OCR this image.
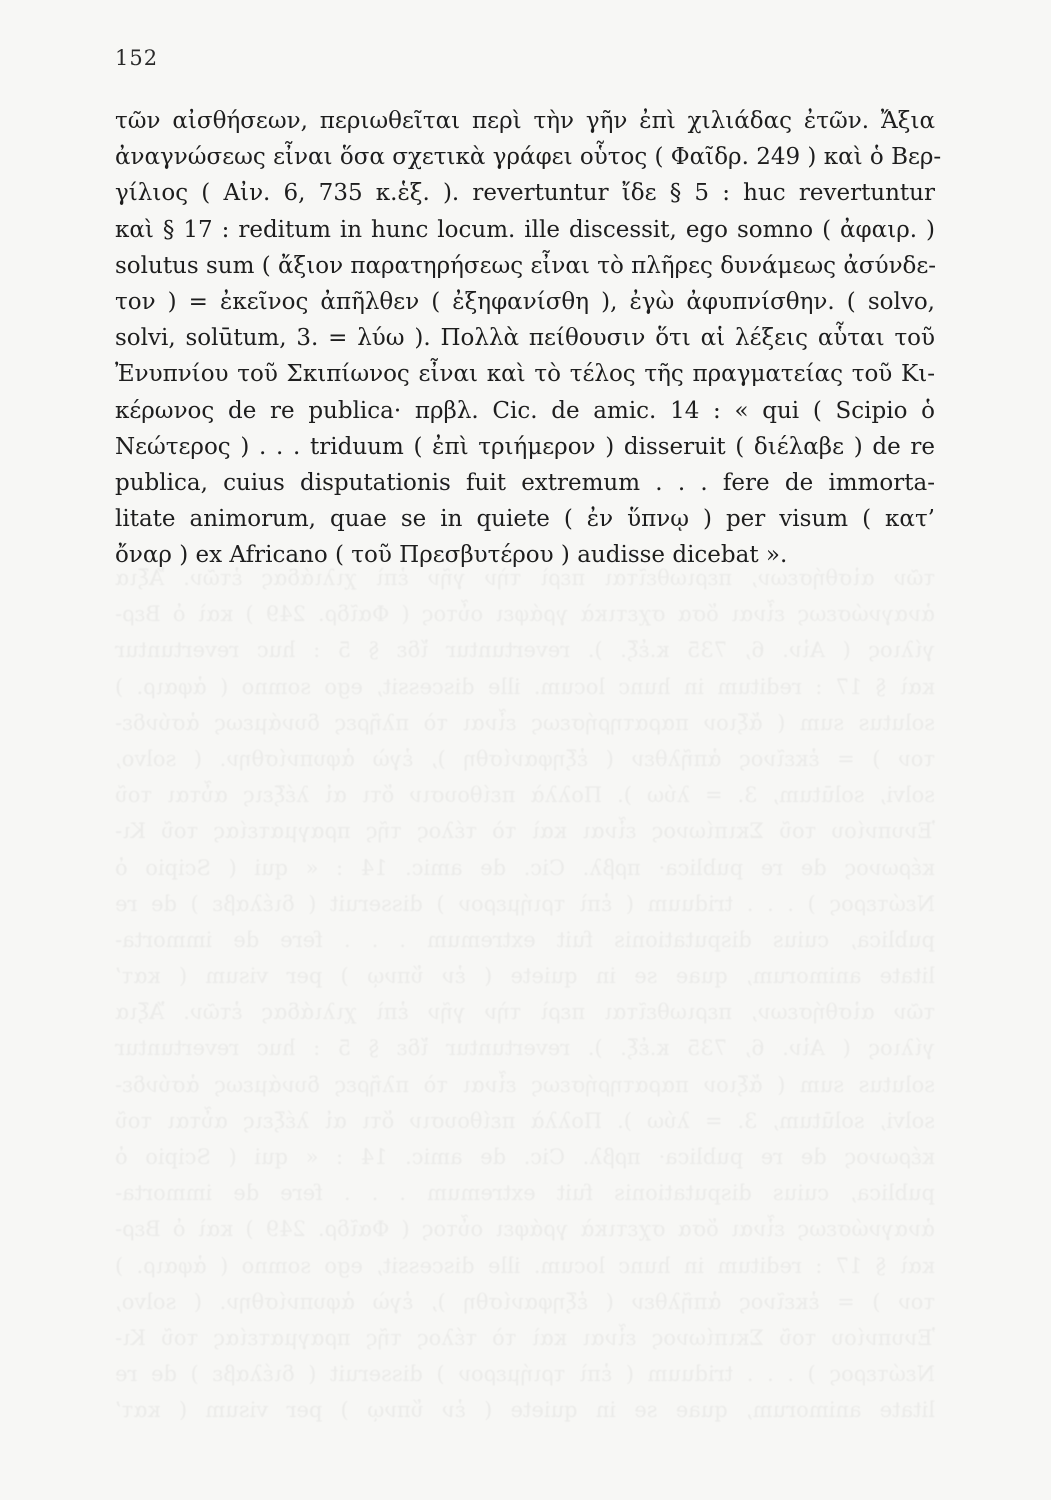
τῶν αἰσθήσεων, περιωθεῖται περὶ τὴν γῆν ἐπὶ χιλιάδας ἐτῶν. Ἄξια
ἀναγνώσεως εἶναι ὅσα σχετικὰ γράφει οὗτος ( Φαῖδρ. 249 ) καὶ ὁ Βερ-
γίλιος ( Αἰν. 6, 735 κ.ἑξ. ). revertuntur ἴδε § 5 : huc revertuntur
καὶ § 17 : reditum in hunc locum. ille discessit, ego somno ( ἀφαιρ. )
solutus sum ( ἄξιον παρατηρήσεως εἶναι τὸ πλῆρες δυνάμεως ἀσύνδε-
τον ) = ἐκεῖνος ἀπῆλθεν ( ἐξηφανίσθη ), ἐγὼ ἀφυπνίσθην. ( solvo,
solvi, solūtum, 3. = λύω ). Πολλὰ πείθουσιν ὅτι αἱ λέξεις αὗται τοῦ
Ἐνυπνίου τοῦ Σκιπίωνος εἶναι καὶ τὸ τέλος τῆς πραγματείας τοῦ Κι-
κέρωνος de re publica· πρβλ. Cic. de amic. 14 : « qui ( Scipio ὁ
Νεώτερος ) . . . triduum ( ἐπὶ τριήμερον ) disseruit ( διέλαβε ) de re
publica, cuius disputationis fuit extremum . . . fere de immorta-
litate animorum, quae se in quiete ( ἐν ὕπνῳ ) per visum ( κατ’
τῶν αἰσθήσεων, περιωθεῖται περὶ τὴν γῆν ἐπὶ χιλιάδας ἐτῶν. Ἄξια
γίλιος ( Αἰν. 6, 735 κ.ἑξ. ). revertuntur ἴδε § 5 : huc revertuntur
solutus sum ( ἄξιον παρατηρήσεως εἶναι τὸ πλῆρες δυνάμεως ἀσύνδε-
solvi, solūtum, 3. = λύω ). Πολλὰ πείθουσιν ὅτι αἱ λέξεις αὗται τοῦ
κέρωνος de re publica· πρβλ. Cic. de amic. 14 : « qui ( Scipio ὁ
publica, cuius disputationis fuit extremum . . . fere de immorta-
ἀναγνώσεως εἶναι ὅσα σχετικὰ γράφει οὗτος ( Φαῖδρ. 249 ) καὶ ὁ Βερ-
καὶ § 17 : reditum in hunc locum. ille discessit, ego somno ( ἀφαιρ. )
τον ) = ἐκεῖνος ἀπῆλθεν ( ἐξηφανίσθη ), ἐγὼ ἀφυπνίσθην. ( solvo,
Ἐνυπνίου τοῦ Σκιπίωνος εἶναι καὶ τὸ τέλος τῆς πραγματείας τοῦ Κι-
Νεώτερος ) . . . triduum ( ἐπὶ τριήμερον ) disseruit ( διέλαβε ) de re
litate animorum, quae se in quiete ( ἐν ὕπνῳ ) per visum ( κατ’
152
τῶν αἰσθήσεων, περιωθεῖται περὶ τὴν γῆν ἐπὶ χιλιάδας ἐτῶν. Ἄξια
ἀναγνώσεως εἶναι ὅσα σχετικὰ γράφει οὗτος ( Φαῖδρ. 249 ) καὶ ὁ Βερ-
γίλιος ( Αἰν. 6, 735 κ.ἑξ. ). revertuntur ἴδε § 5 : huc revertuntur
καὶ § 17 : reditum in hunc locum. ille discessit, ego somno ( ἀφαιρ. )
solutus sum ( ἄξιον παρατηρήσεως εἶναι τὸ πλῆρες δυνάμεως ἀσύνδε-
τον ) = ἐκεῖνος ἀπῆλθεν ( ἐξηφανίσθη ), ἐγὼ ἀφυπνίσθην. ( solvo,
solvi, solūtum, 3. = λύω ). Πολλὰ πείθουσιν ὅτι αἱ λέξεις αὗται τοῦ
Ἐνυπνίου τοῦ Σκιπίωνος εἶναι καὶ τὸ τέλος τῆς πραγματείας τοῦ Κι-
κέρωνος de re publica· πρβλ. Cic. de amic. 14 : « qui ( Scipio ὁ
Νεώτερος ) . . . triduum ( ἐπὶ τριήμερον ) disseruit ( διέλαβε ) de re
publica, cuius disputationis fuit extremum . . . fere de immorta-
litate animorum, quae se in quiete ( ἐν ὕπνῳ ) per visum ( κατ’
ὄναρ ) ex Africano ( τοῦ Πρεσβυτέρου ) audisse dicebat ».
